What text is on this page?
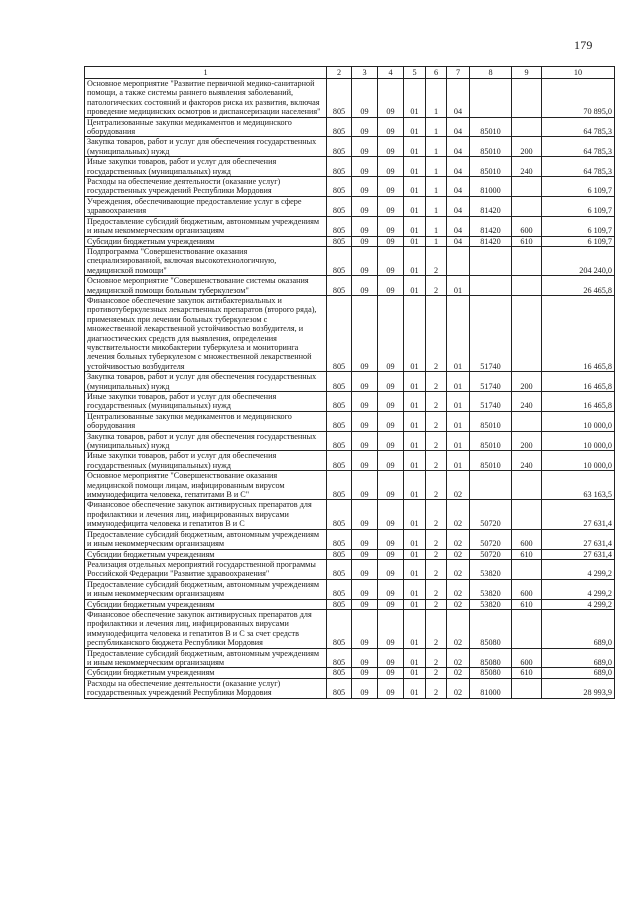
179
1	2	3	4	5	6	7	8	9	10
Основное мероприятие "Развитие первичной медико-санитарной помощи, а также системы раннего выявления заболеваний, патологических состояний и факторов риска их развития, включая проведение медицинских осмотров и диспансеризации населения"	805	09	09	01	1	04			70 895,0
Централизованные закупки медикаментов и медицинского оборудования	805	09	09	01	1	04	85010		64 785,3
Закупка товаров, работ и услуг для обеспечения государственных (муниципальных) нужд	805	09	09	01	1	04	85010	200	64 785,3
Иные закупки товаров, работ и услуг для обеспечения государственных (муниципальных) нужд	805	09	09	01	1	04	85010	240	64 785,3
Расходы на обеспечение деятельности (оказание услуг) государственных учреждений Республики Мордовия	805	09	09	01	1	04	81000		6 109,7
Учреждения, обеспечивающие предоставление услуг в сфере здравоохранения	805	09	09	01	1	04	81420		6 109,7
Предоставление субсидий бюджетным, автономным учреждениям и иным некоммерческим организациям	805	09	09	01	1	04	81420	600	6 109,7
Субсидии бюджетным учреждениям	805	09	09	01	1	04	81420	610	6 109,7
Подпрограмма "Совершенствование оказания специализированной, включая высокотехнологичную, медицинской помощи"	805	09	09	01	2				204 240,0
Основное мероприятие "Совершенствование системы оказания медицинской помощи больным туберкулезом"	805	09	09	01	2	01			26 465,8
Финансовое обеспечение закупок антибактериальных и противотуберкулезных лекарственных препаратов (второго ряда), применяемых при лечении больных туберкулезом с множественной лекарственной устойчивостью возбудителя, и диагностических средств для выявления, определения чувствительности микобактерии туберкулеза и мониторинга лечения больных туберкулезом с множественной лекарственной устойчивостью возбудителя	805	09	09	01	2	01	51740		16 465,8
Закупка товаров, работ и услуг для обеспечения государственных (муниципальных) нужд	805	09	09	01	2	01	51740	200	16 465,8
Иные закупки товаров, работ и услуг для обеспечения государственных (муниципальных) нужд	805	09	09	01	2	01	51740	240	16 465,8
Централизованные закупки медикаментов и медицинского оборудования	805	09	09	01	2	01	85010		10 000,0
Закупка товаров, работ и услуг для обеспечения государственных (муниципальных) нужд	805	09	09	01	2	01	85010	200	10 000,0
Иные закупки товаров, работ и услуг для обеспечения государственных (муниципальных) нужд	805	09	09	01	2	01	85010	240	10 000,0
Основное мероприятие "Совершенствование оказания медицинской помощи лицам, инфицированным вирусом иммунодефицита человека, гепатитами В и С"	805	09	09	01	2	02			63 163,5
Финансовое обеспечение закупок антивирусных препаратов для профилактики и лечения лиц, инфицированных вирусами иммунодефицита человека и гепатитов В и С	805	09	09	01	2	02	50720		27 631,4
Предоставление субсидий бюджетным, автономным учреждениям и иным некоммерческим организациям	805	09	09	01	2	02	50720	600	27 631,4
Субсидии бюджетным учреждениям	805	09	09	01	2	02	50720	610	27 631,4
Реализация отдельных мероприятий государственной программы Российской Федерации "Развитие здравоохранения"	805	09	09	01	2	02	53820		4 299,2
Предоставление субсидий бюджетным, автономным учреждениям и иным некоммерческим организациям	805	09	09	01	2	02	53820	600	4 299,2
Субсидии бюджетным учреждениям	805	09	09	01	2	02	53820	610	4 299,2
Финансовое обеспечение закупок антивирусных препаратов для профилактики и лечения лиц, инфицированных вирусами иммунодефицита человека и гепатитов В и С за счет средств республиканского бюджета Республики Мордовия	805	09	09	01	2	02	85080		689,0
Предоставление субсидий бюджетным, автономным учреждениям и иным некоммерческим организациям	805	09	09	01	2	02	85080	600	689,0
Субсидии бюджетным учреждениям	805	09	09	01	2	02	85080	610	689,0
Расходы на обеспечение деятельности (оказание услуг) государственных учреждений Республики Мордовия	805	09	09	01	2	02	81000		28 993,9
